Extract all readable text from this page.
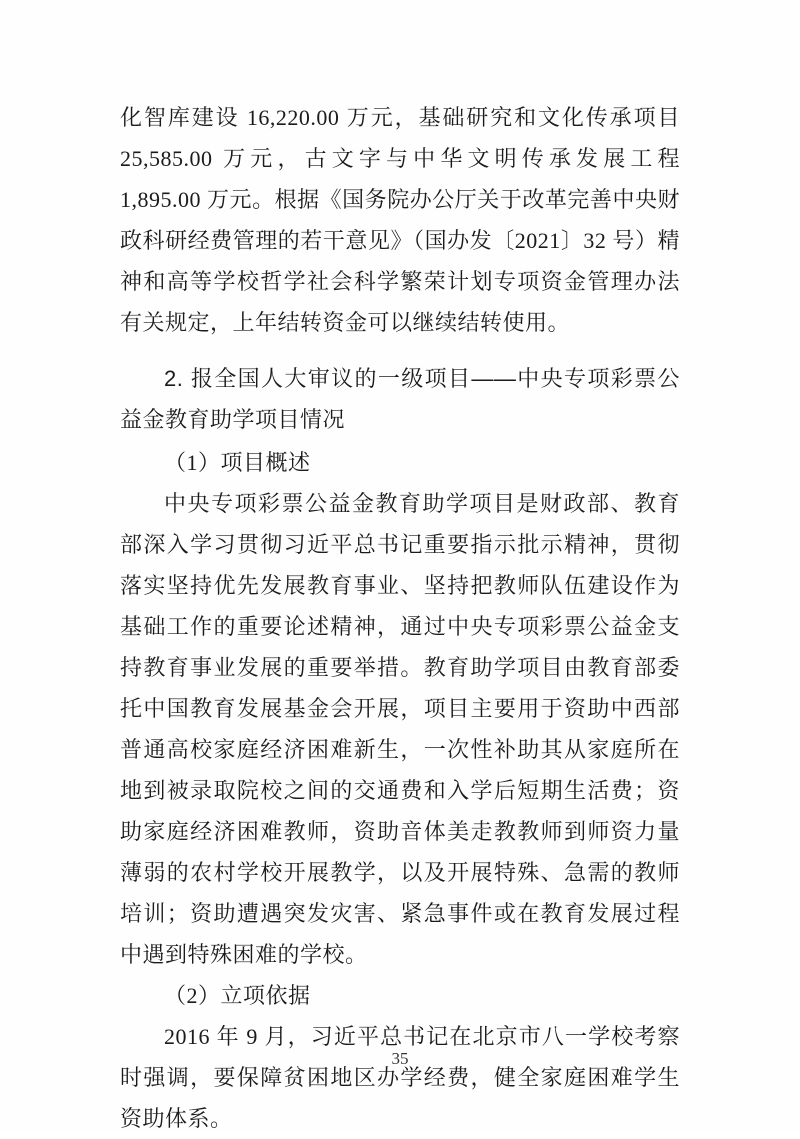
化智库建设 16,220.00 万元，基础研究和文化传承项目 25,585.00 万元，古文字与中华文明传承发展工程 1,895.00 万元。根据《国务院办公厅关于改革完善中央财政科研经费管理的若干意见》（国办发〔2021〕32 号）精神和高等学校哲学社会科学繁荣计划专项资金管理办法有关规定，上年结转资金可以继续结转使用。

2. 报全国人大审议的一级项目——中央专项彩票公益金教育助学项目情况

（1）项目概述

中央专项彩票公益金教育助学项目是财政部、教育部深入学习贯彻习近平总书记重要指示批示精神，贯彻落实坚持优先发展教育事业、坚持把教师队伍建设作为基础工作的重要论述精神，通过中央专项彩票公益金支持教育事业发展的重要举措。教育助学项目由教育部委托中国教育发展基金会开展，项目主要用于资助中西部普通高校家庭经济困难新生，一次性补助其从家庭所在地到被录取院校之间的交通费和入学后短期生活费；资助家庭经济困难教师，资助音体美走教教师到师资力量薄弱的农村学校开展教学，以及开展特殊、急需的教师培训；资助遭遇突发灾害、紧急事件或在教育发展过程中遇到特殊困难的学校。

（2）立项依据

2016 年 9 月，习近平总书记在北京市八一学校考察时强调，要保障贫困地区办学经费，健全家庭困难学生资助体系。

35
